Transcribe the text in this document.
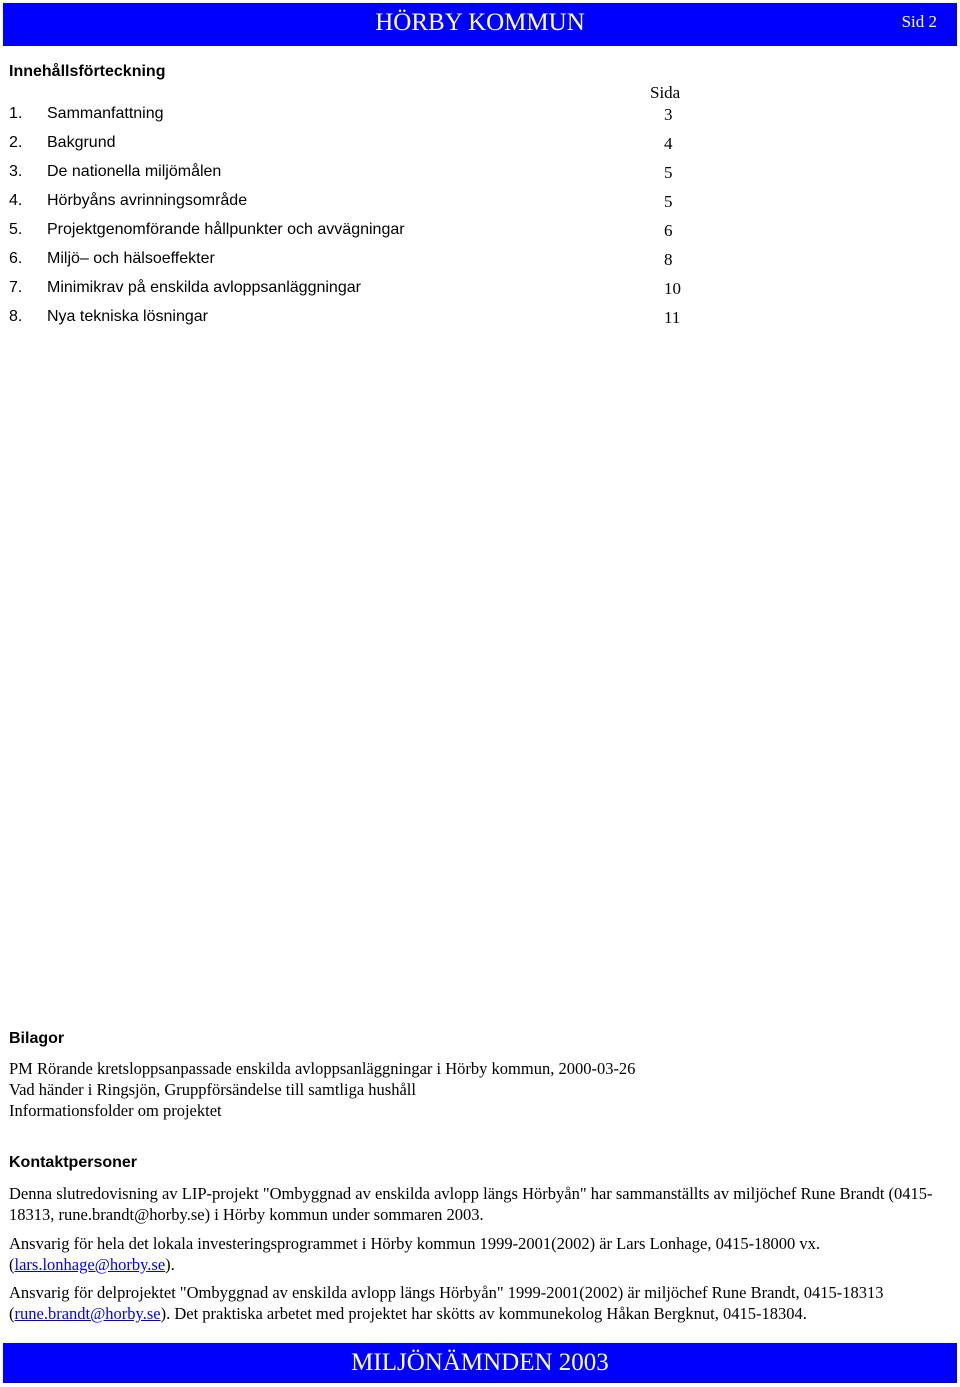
HÖRBY KOMMUN	Sid 2
Innehållsförteckning
Sida
1. Sammanfattning	3
2. Bakgrund	4
3. De nationella miljömålen	5
4. Hörbyåns avrinningsområde	5
5. Projektgenomförande hållpunkter och avvägningar	6
6. Miljö– och hälsoeffekter	8
7. Minimikrav på enskilda avloppsanläggningar	10
8. Nya tekniska lösningar	11
Bilagor
PM Rörande kretsloppsanpassade enskilda avloppsanläggningar i Hörby kommun, 2000-03-26
Vad händer i Ringsjön, Gruppförsändelse till samtliga hushåll
Informationsfolder om projektet
Kontaktpersoner
Denna slutredovisning av LIP-projekt "Ombyggnad av enskilda avlopp längs Hörbyån" har sammanställts av miljöchef Rune Brandt (0415-18313, rune.brandt@horby.se) i Hörby kommun under sommaren 2003.
Ansvarig för hela det lokala investeringsprogrammet i Hörby kommun 1999-2001(2002) är Lars Lonhage, 0415-18000 vx. (lars.lonhage@horby.se).
Ansvarig för delprojektet "Ombyggnad av enskilda avlopp längs Hörbyån" 1999-2001(2002) är miljöchef Rune Brandt, 0415-18313 (rune.brandt@horby.se). Det praktiska arbetet med projektet har skötts av kommunekolog Håkan Bergknut, 0415-18304.
MILJÖNÄMNDEN 2003
